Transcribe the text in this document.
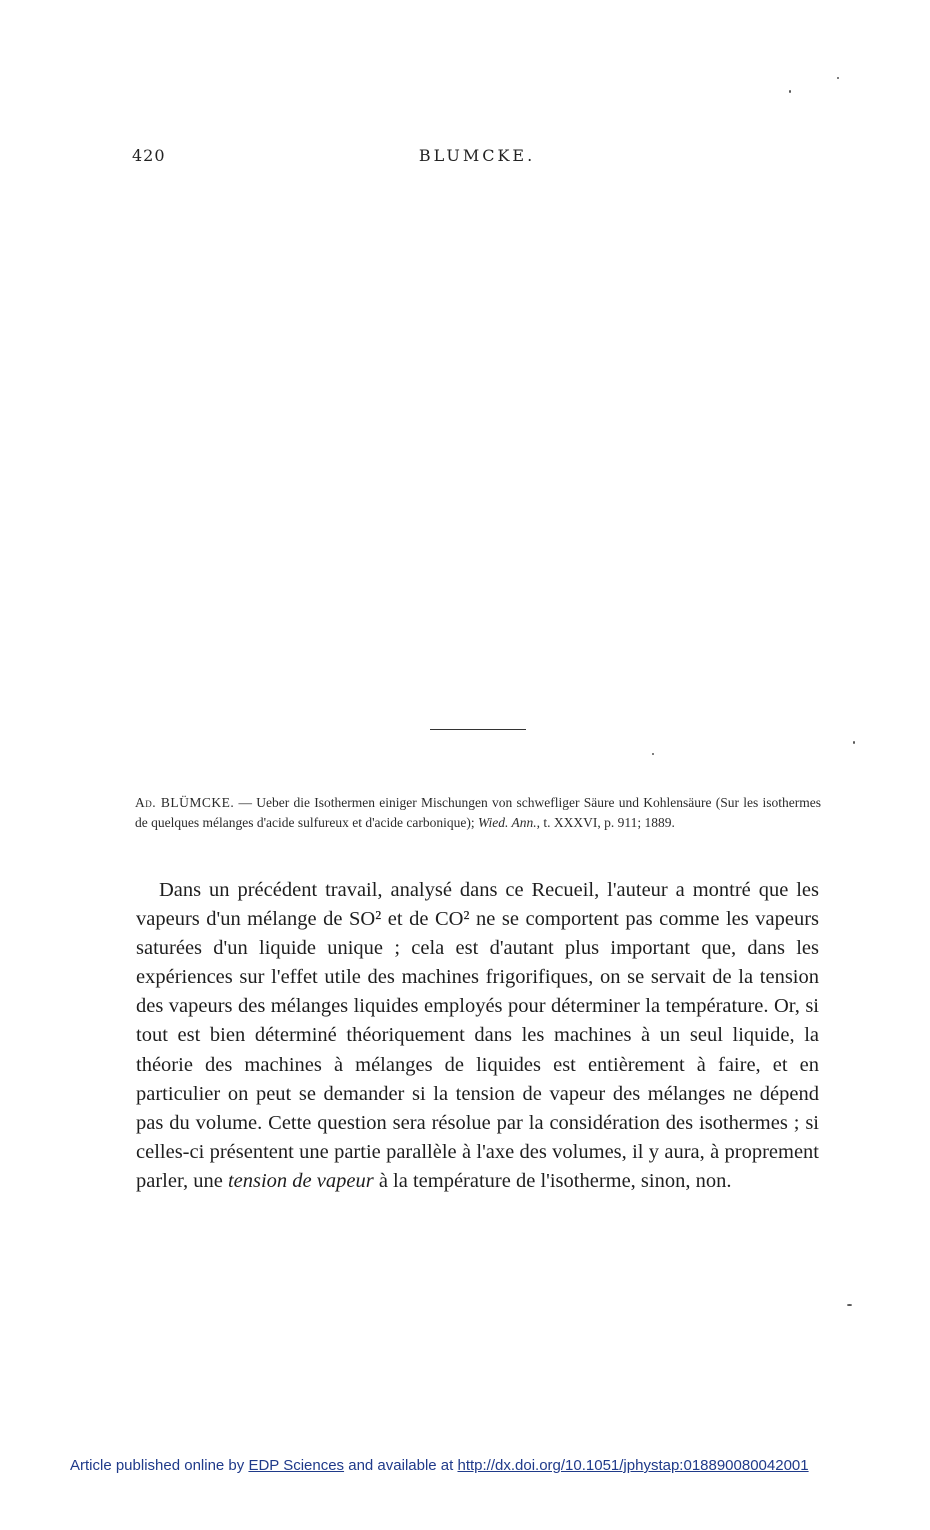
420	BLUMCKE.
Ad. BLÜMCKE. — Ueber die Isothermen einiger Mischungen von schwefliger Säure und Kohlensäure (Sur les isothermes de quelques mélanges d'acide sulfureux et d'acide carbonique); Wied. Ann., t. XXXVI, p. 911; 1889.

Dans un précédent travail, analysé dans ce Recueil, l'auteur a montré que les vapeurs d'un mélange de SO² et de CO² ne se comportent pas comme les vapeurs saturées d'un liquide unique ; cela est d'autant plus important que, dans les expériences sur l'effet utile des machines frigorifiques, on se servait de la tension des vapeurs des mélanges liquides employés pour déterminer la température. Or, si tout est bien déterminé théoriquement dans les machines à un seul liquide, la théorie des machines à mélanges de liquides est entièrement à faire, et en particulier on peut se demander si la tension de vapeur des mélanges ne dépend pas du volume. Cette question sera résolue par la considération des isothermes ; si celles-ci présentent une partie parallèle à l'axe des volumes, il y aura, à proprement parler, une tension de vapeur à la température de l'isotherme, sinon, non.

Article published online by EDP Sciences and available at http://dx.doi.org/10.1051/jphystap:018890080042001
